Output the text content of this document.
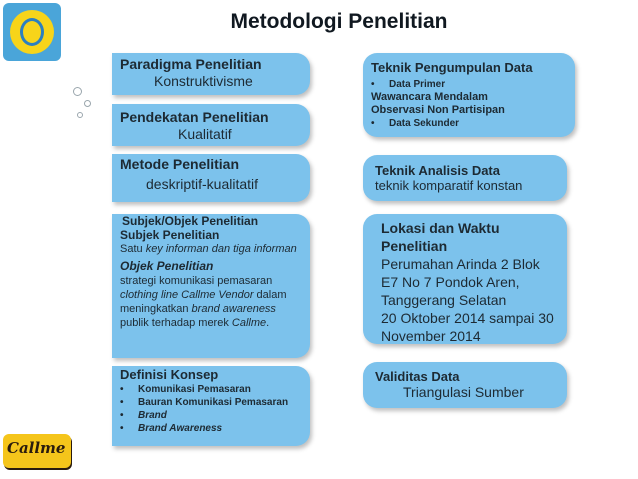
Metodologi Penelitian
Paradigma Penelitian
Konstruktivisme
Pendekatan Penelitian
Kualitatif
Metode Penelitian
deskriptif-kualitatif
Subjek/Objek Penelitian
Subjek Penelitian
Satu key informan dan tiga informan
Objek Penelitian
strategi komunikasi pemasaran clothing line Callme Vendor dalam meningkatkan brand awareness publik terhadap merek Callme.
Definisi Konsep
•	Komunikasi Pemasaran
•	Bauran Komunikasi Pemasaran
•	Brand
•	Brand Awareness
Teknik Pengumpulan Data
•	Data Primer
Wawancara Mendalam
Observasi Non Partisipan
•	Data Sekunder
Teknik Analisis Data
teknik komparatif konstan
Lokasi dan Waktu Penelitian
Perumahan Arinda 2 Blok E7 No 7 Pondok Aren, Tanggerang Selatan
20 Oktober 2014 sampai 30 November 2014
Validitas Data
Triangulasi Sumber
Callme
